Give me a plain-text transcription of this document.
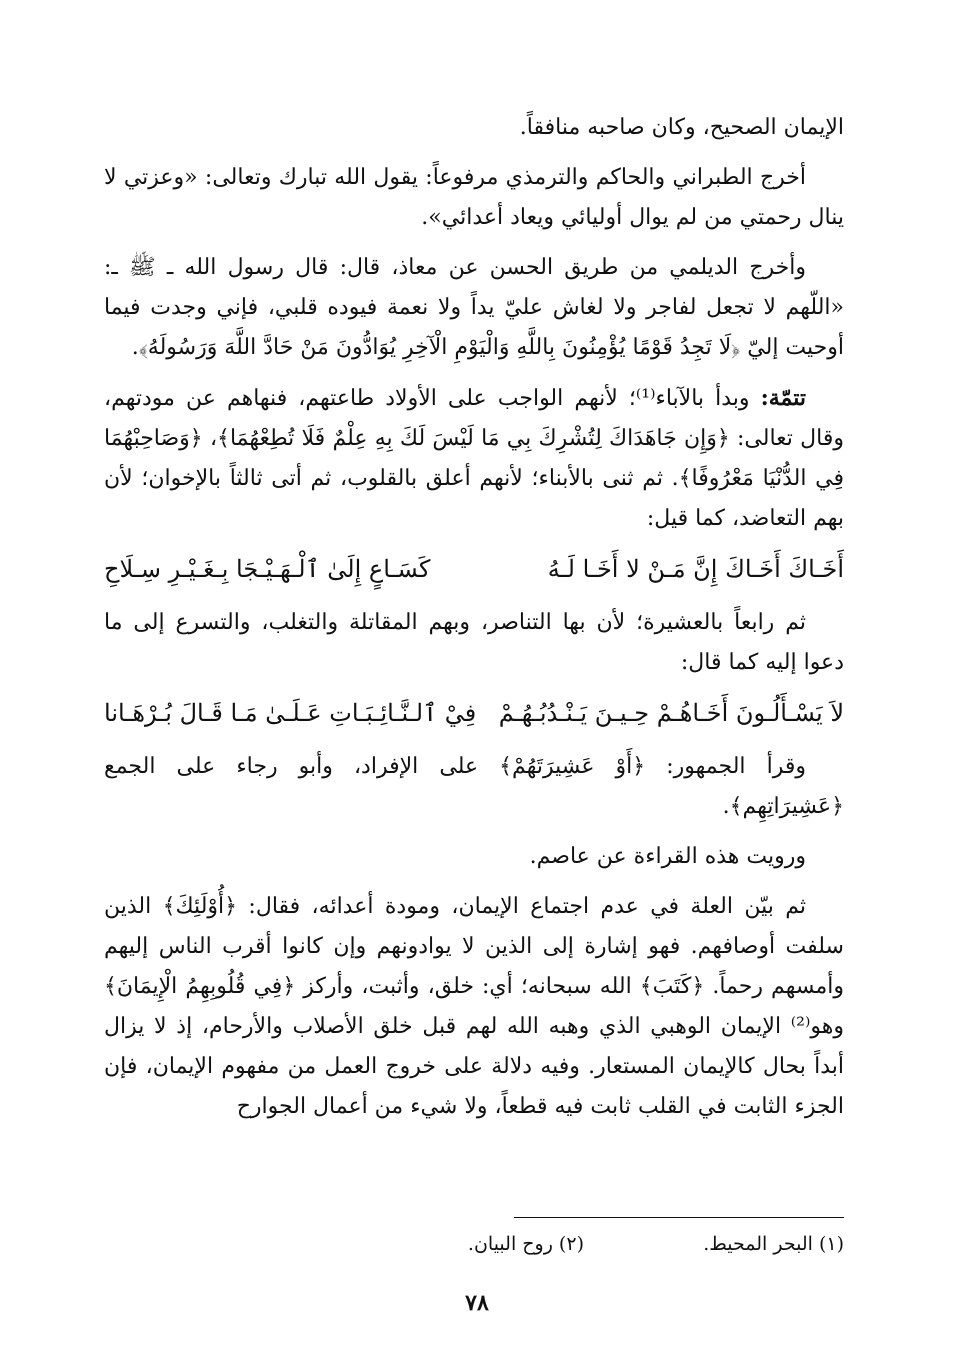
الإيمان الصحيح، وكان صاحبه منافقاً.

أخرج الطبراني والحاكم والترمذي مرفوعاً: يقول الله تبارك وتعالى: «وعزتي لا ينال رحمتي من لم يوال أوليائي ويعاد أعدائي».

وأخرج الديلمي من طريق الحسن عن معاذ، قال: قال رسول الله ـ ﷺ ـ: «اللّهم لا تجعل لفاجر ولا لغاش عليّ يداً ولا نعمة فيوده قلبي، فإني وجدت فيما أوحيت إليّ ﴿لَا تَجِدُ قَوْمًا يُؤْمِنُونَ بِاللَّهِ وَالْيَوْمِ الْآخِرِ يُوَادُّونَ مَنْ حَادَّ اللَّهَ وَرَسُولَهُ﴾.

تتمّة: وبدأ بالآباء⁽¹⁾؛ لأنهم الواجب على الأولاد طاعتهم، فنهاهم عن مودتهم، وقال تعالى: ﴿وَإِن جَاهَدَاكَ لِتُشْرِكَ بِي مَا لَيْسَ لَكَ بِهِ عِلْمٌ فَلَا تُطِعْهُمَا﴾، ﴿وَصَاحِبْهُمَا فِي الدُّنْيَا مَعْرُوفًا﴾. ثم ثنى بالأبناء؛ لأنهم أعلق بالقلوب، ثم أتى ثالثاً بالإخوان؛ لأن بهم التعاضد، كما قيل:

أَخَـاكَ أَخَـاكَ إِنَّ مَـنْ لا أَخَـا لَـهُ
كَسَـاعٍ إِلَىٰ ٱلْـهَـيْـجَا بِـغَـيْـرِ سِـلَاحِ

ثم رابعاً بالعشيرة؛ لأن بها التناصر، وبهم المقاتلة والتغلب، والتسرع إلى ما دعوا إليه كما قال:

لاَ يَسْـأَلُـونَ أَخَـاهُـمْ حِـيـنَ يَـنْـدُبُـهُـمْ
فِيْ ٱلـنَّـائِـبَـاتِ عَـلَـىٰ مَـا قَـالَ بُـرْهَـانا

وقرأ الجمهور: ﴿أَوْ عَشِيرَتَهُمْ﴾ على الإفراد، وأبو رجاء على الجمع ﴿عَشِيرَاتِهِم﴾.

ورويت هذه القراءة عن عاصم.

ثم بيّن العلة في عدم اجتماع الإيمان، ومودة أعدائه، فقال: ﴿أُوْلَئِكَ﴾ الذين سلفت أوصافهم. فهو إشارة إلى الذين لا يوادونهم وإن كانوا أقرب الناس إليهم وأمسهم رحماً. ﴿كَتَبَ﴾ الله سبحانه؛ أي: خلق، وأثبت، وأركز ﴿فِي قُلُوبِهِمُ الْإِيمَانَ﴾ وهو⁽²⁾ الإيمان الوهبي الذي وهبه الله لهم قبل خلق الأصلاب والأرحام، إذ لا يزال أبداً بحال كالإيمان المستعار. وفيه دلالة على خروج العمل من مفهوم الإيمان، فإن الجزء الثابت في القلب ثابت فيه قطعاً، ولا شيء من أعمال الجوارح

(١) البحر المحيط.
(٢) روح البيان.
٧٨
